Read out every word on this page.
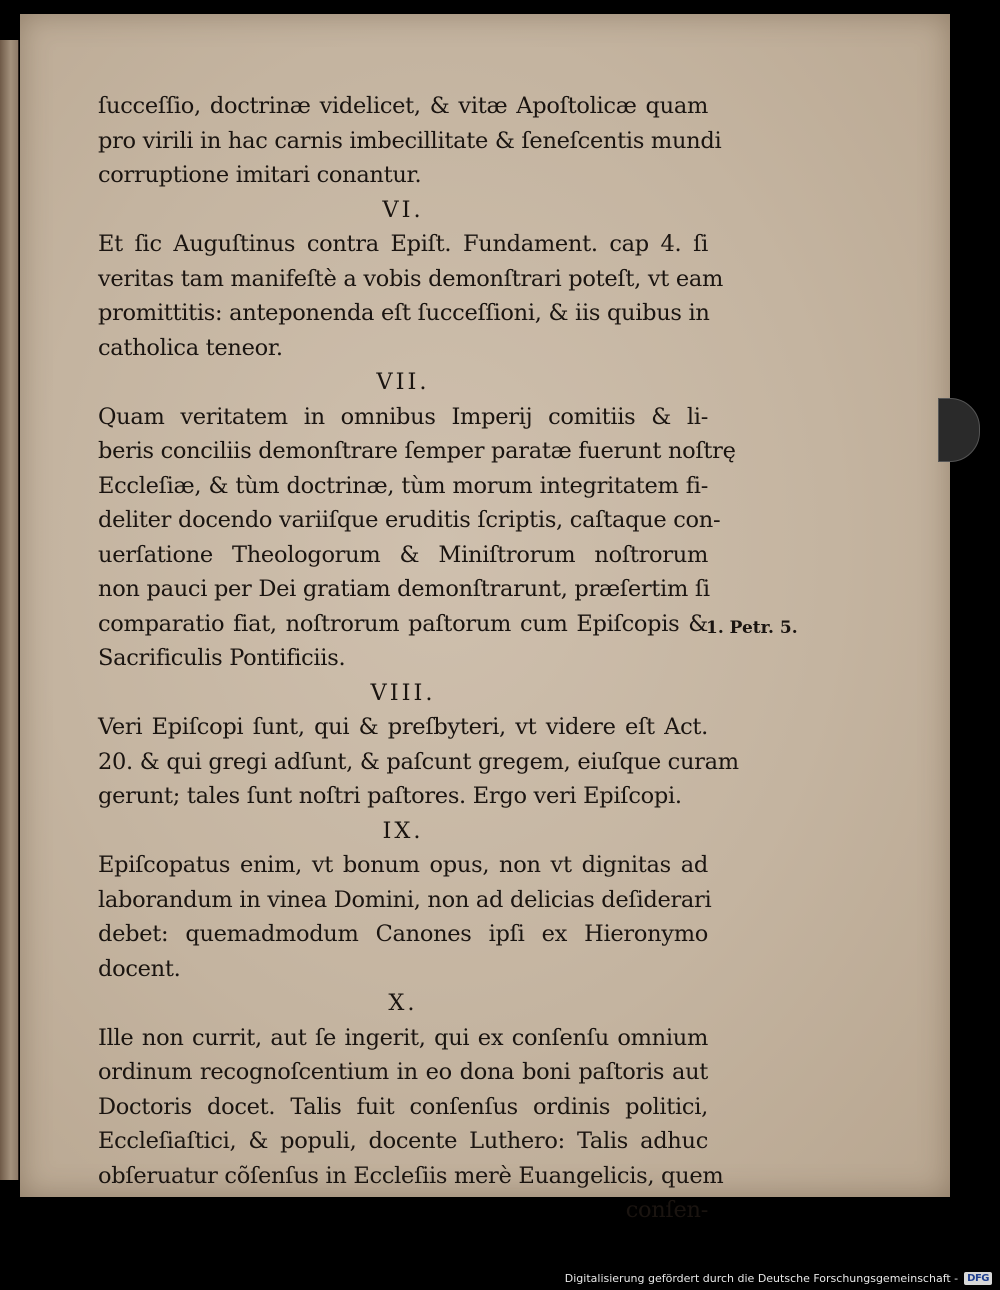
ſucceſſio, doctrinæ videlicet, & vitæ Apoſtolicæ quam
pro virili in hac carnis imbecillitate & ſeneſcentis mundi
corruptione imitari conantur.
VI.
Et ſic Auguſtinus contra Epiſt. Fundament. cap 4. ſi
veritas tam manifeſtè a vobis demonſtrari poteſt, vt eam
promittitis: anteponenda eſt ſucceſſioni, & iis quibus in
catholica teneor.
VII.
Quam veritatem in omnibus Imperij comitiis & li-
beris conciliis demonſtrare ſemper paratæ fuerunt noſtrę
Eccleſiæ, & tùm doctrinæ, tùm morum integritatem fi-
deliter docendo variiſque eruditis ſcriptis, caſtaque con-
uerſatione Theologorum & Miniſtrorum noſtrorum
non pauci per Dei gratiam demonſtrarunt, præſertim ſi
comparatio fiat, noſtrorum paſtorum cum Epiſcopis &
Sacrificulis Pontificiis.
VIII.
Veri Epiſcopi ſunt, qui & preſbyteri, vt videre eſt Act.
20. & qui gregi adſunt, & paſcunt gregem, eiuſque curam
gerunt; tales ſunt noſtri paſtores. Ergo veri Epiſcopi.
IX.
Epiſcopatus enim, vt bonum opus, non vt dignitas ad
laborandum in vinea Domini, non ad delicias deſiderari
debet: quemadmodum Canones ipſi ex Hieronymo
docent.
X.
Ille non currit, aut ſe ingerit, qui ex conſenſu omnium
ordinum recognoſcentium in eo dona boni paſtoris aut
Doctoris docet. Talis fuit conſenſus ordinis politici,
Eccleſiaſtici, & populi, docente Luthero: Talis adhuc
obſeruatur cõſenſus in Eccleſiis merè Euangelicis, quem
conſen-
1. Petr. 5.
Digitalisierung gefördert durch die Deutsche Forschungsgemeinschaft - DFG
